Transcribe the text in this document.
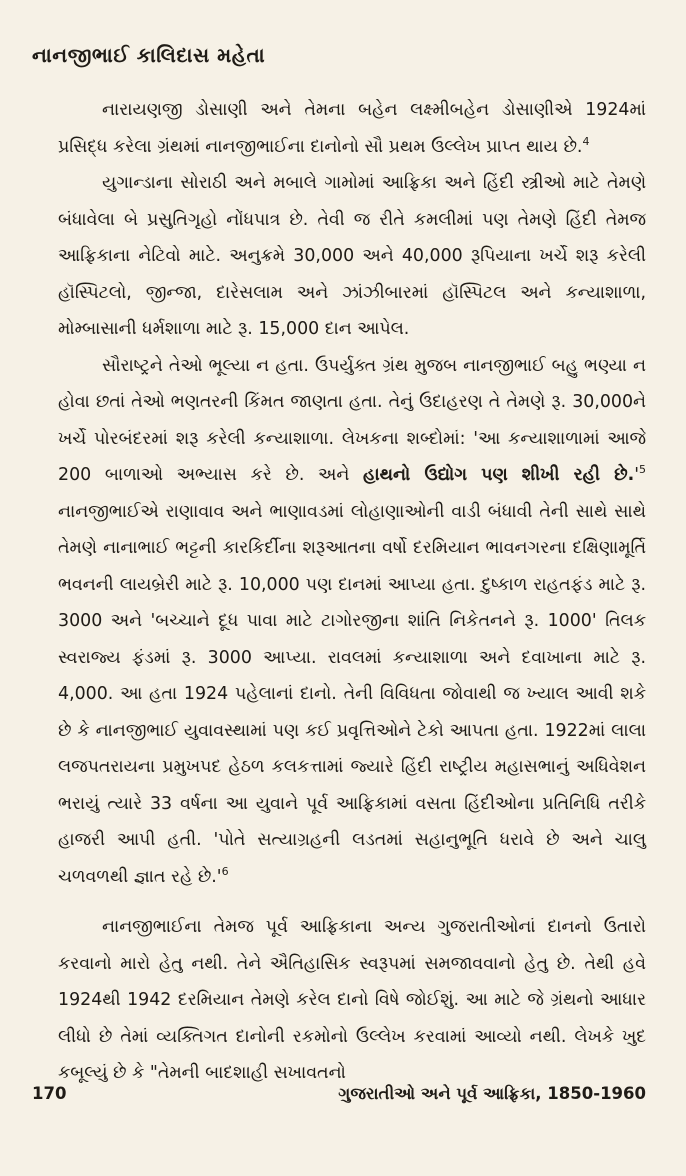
નાનજીભાઈ કાલિદાસ મહેતા

નારાયણજી ડોસાણી અને તેમના બહેન લક્ષ્મીબહેન ડોસાણીએ 1924માં પ્રસિદ્ધ કરેલા ગ્રંથમાં નાનજીભાઈના દાનોનો સૌ પ્રથમ ઉલ્લેખ પ્રાપ્ત થાય છે.$^4$

યુગાન્ડાના સોરાઠી અને મબાલે ગામોમાં આફ્રિકા અને હિંદી સ્ત્રીઓ માટે તેમણે બંધાવેલા બે પ્રસુતિગૃહો નોંધપાત્ર છે. તેવી જ રીતે કમલીમાં પણ તેમણે હિંદી તેમજ આફ્રિકાના નેટિવો માટે. અનુક્રમે 30,000 અને 40,000 રૂપિયાના ખર્ચે શરૂ કરેલી હૉસ્પિટલો, જીન્જા, દારેસલામ અને ઝાંઝીબારમાં હૉસ્પિટલ અને કન્યાશાળા, મોમ્બાસાની ધર્મશાળા માટે રૂ. 15,000 દાન આપેલ.

સૌરાષ્ટ્રને તેઓ ભૂલ્યા ન હતા. ઉપર્યુક્ત ગ્રંથ મુજબ નાનજીભાઈ બહુ ભણ્યા ન હોવા છતાં તેઓ ભણતરની કિંમત જાણતા હતા. તેનું ઉદાહરણ તે તેમણે રૂ. 30,000ને ખર્ચે પોરબંદરમાં શરૂ કરેલી કન્યાશાળા. લેખકના શબ્દોમાં: 'આ કન્યાશાળામાં આજે 200 બાળાઓ અભ્યાસ કરે છે. અને હાથનો ઉદ્યોગ પણ શીખી રહી $છે.'^5$ નાનજીભાઈએ રાણાવાવ અને ભાણાવડમાં લોહાણાઓની વાડી બંધાવી તેની સાથે સાથે તેમણે નાનાભાઈ ભટ્ટની કારકિર્દીના શરૂઆતના વર્ષો દરમિયાન ભાવનગરના દક્ષિણામૂર્તિ ભવનની લાયબ્રેરી માટે રૂ. 10,000 પણ દાનમાં આપ્યા હતા. દુષ્કાળ રાહતફંડ માટે રૂ. 3000 અને 'બચ્ચાને દૂધ પાવા માટે ટાગોરજીના શાંતિ નિકેતનને રૂ. 1000' તિલક સ્વરાજ્ય ફંડમાં રૂ. 3000 આપ્યા. રાવલમાં કન્યાશાળા અને દવાખાના માટે રૂ. 4,000. આ હતા 1924 પહેલાનાં દાનો. તેની વિવિધતા જોવાથી જ ખ્યાલ આવી શકે છે કે નાનજીભાઈ યુવાવસ્થામાં પણ કઈ પ્રવૃત્તિઓને ટેકો આપતા હતા. 1922માં લાલા લજપતરાયના પ્રમુખપદ હેઠળ કલકત્તામાં જ્યારે હિંદી રાષ્ટ્રીય મહાસભાનું અધિવેશન ભરાયું ત્યારે 33 વર્ષના આ યુવાને પૂર્વ આફ્રિકામાં વસતા હિંદીઓના પ્રતિનિધિ તરીકે હાજરી આપી હતી. 'પોતે સત્યાગ્રહની લડતમાં સહાનુભૂતિ ધરાવે છે અને ચાલુ ચળવળથી જ્ઞાત રહે $છે.'^6$

નાનજીભાઈના તેમજ પૂર્વ આફ્રિકાના અન્ય ગુજરાતીઓનાં દાનનો ઉતારો કરવાનો મારો હેતુ નથી. તેને ઐતિહાસિક સ્વરૂપમાં સમજાવવાનો હેતુ છે. તેથી હવે 1924થી 1942 દરમિયાન તેમણે કરેલ દાનો વિષે જોઈશું. આ માટે જે ગ્રંથનો આધાર લીધો છે તેમાં વ્યક્તિગત દાનોની રકમોનો ઉલ્લેખ કરવામાં આવ્યો નથી. લેખકે ખુદ કબૂલ્યું છે કે "તેમની બાદશાહી સખાવતનો

170	ગુજરાતીઓ અને પૂર્વ આફ્રિકા, 1850-1960
